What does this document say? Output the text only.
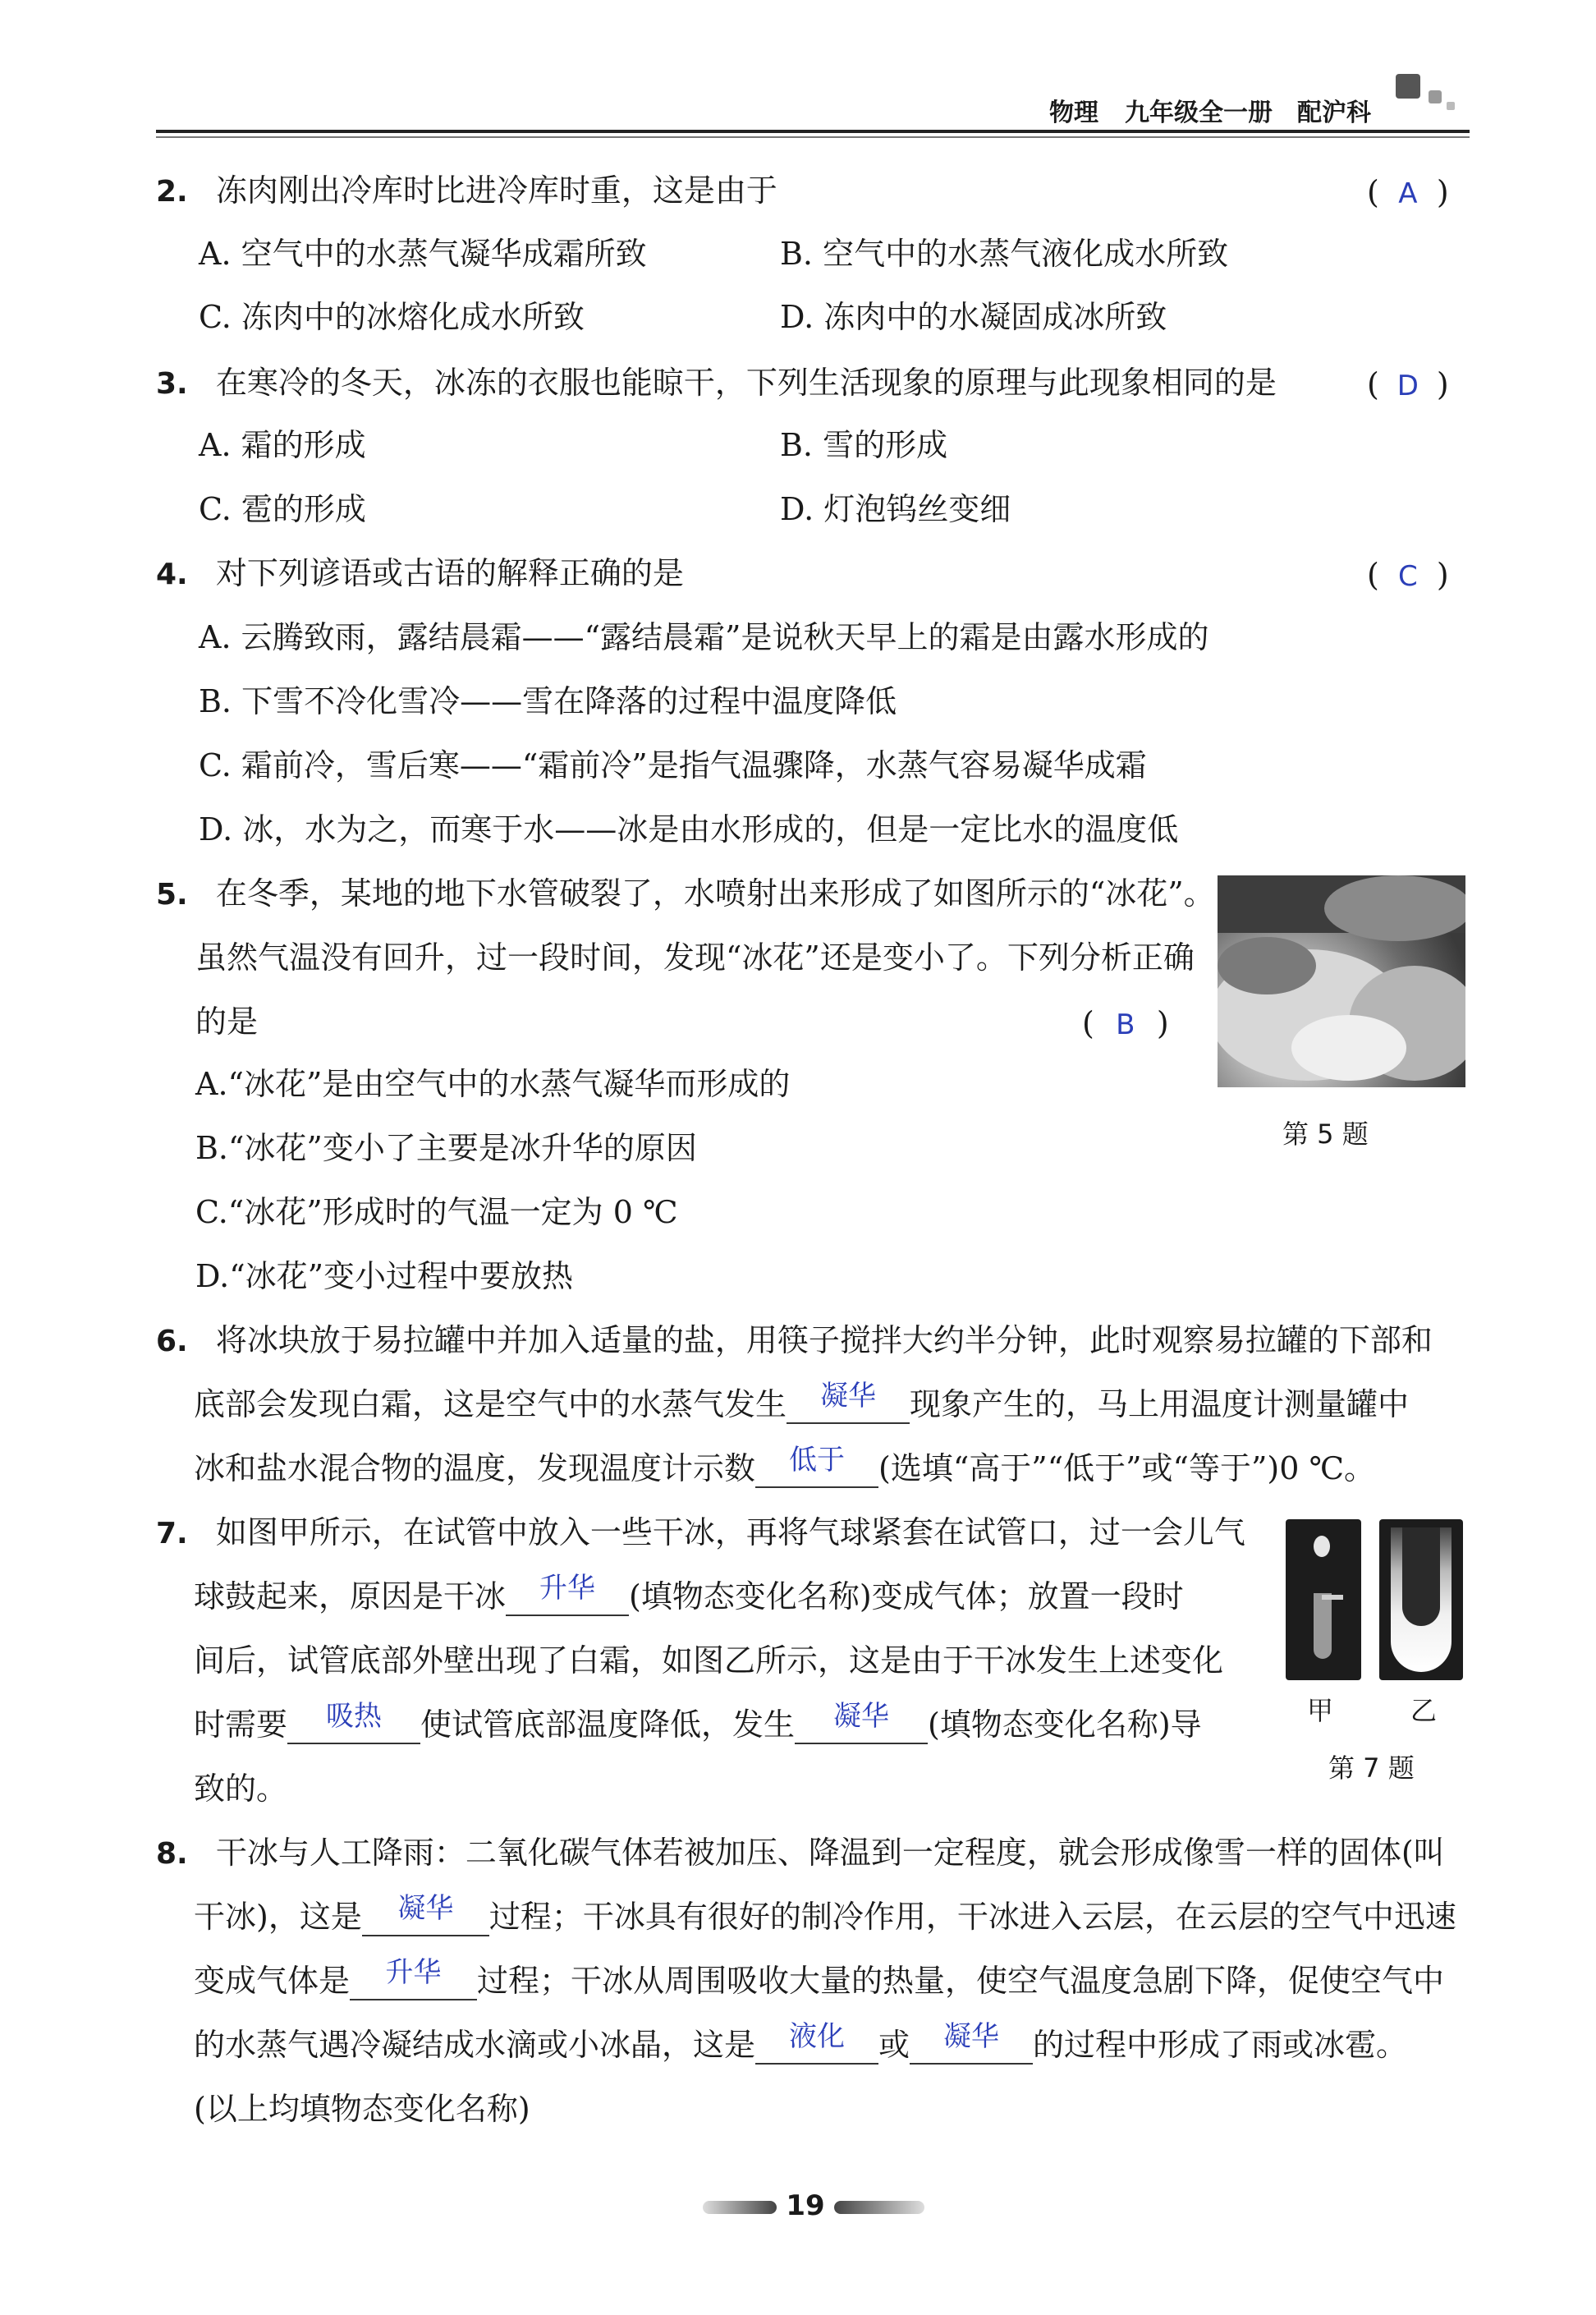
物理 九年级全一册 配沪科
2. 冻肉刚出冷库时比进冷库时重，这是由于	( A )
A. 空气中的水蒸气凝华成霜所致	B. 空气中的水蒸气液化成水所致
C. 冻肉中的冰熔化成水所致	D. 冻肉中的水凝固成冰所致
3. 在寒冷的冬天，冰冻的衣服也能晾干，下列生活现象的原理与此现象相同的是	( D )
A. 霜的形成	B. 雪的形成
C. 雹的形成	D. 灯泡钨丝变细
4. 对下列谚语或古语的解释正确的是	( C )
A. 云腾致雨，露结晨霜——“露结晨霜”是说秋天早上的霜是由露水形成的
B. 下雪不冷化雪冷——雪在降落的过程中温度降低
C. 霜前冷，雪后寒——“霜前冷”是指气温骤降，水蒸气容易凝华成霜
D. 冰，水为之，而寒于水——冰是由水形成的，但是一定比水的温度低
5. 在冬季，某地的地下水管破裂了，水喷射出来形成了如图所示的“冰花”。
虽然气温没有回升，过一段时间，发现“冰花”还是变小了。下列分析正确
的是	( B )
A.“冰花”是由空气中的水蒸气凝华而形成的
B.“冰花”变小了主要是冰升华的原因
C.“冰花”形成时的气温一定为 0 ℃
D.“冰花”变小过程中要放热
第 5 题
6. 将冰块放于易拉罐中并加入适量的盐，用筷子搅拌大约半分钟，此时观察易拉罐的下部和
底部会发现白霜，这是空气中的水蒸气发生 凝华 现象产生的，马上用温度计测量罐中
冰和盐水混合物的温度，发现温度计示数 低于 (选填“高于”“低于”或“等于”)0 ℃。
7. 如图甲所示，在试管中放入一些干冰，再将气球紧套在试管口，过一会儿气
球鼓起来，原因是干冰 升华 (填物态变化名称)变成气体；放置一段时
间后，试管底部外壁出现了白霜，如图乙所示，这是由于干冰发生上述变化
时需要 吸热 使试管底部温度降低，发生 凝华 (填物态变化名称)导
致的。
甲	乙
第 7 题
8. 干冰与人工降雨：二氧化碳气体若被加压、降温到一定程度，就会形成像雪一样的固体(叫
干冰)，这是 凝华 过程；干冰具有很好的制冷作用，干冰进入云层，在云层的空气中迅速
变成气体是 升华 过程；干冰从周围吸收大量的热量，使空气温度急剧下降，促使空气中
的水蒸气遇冷凝结成水滴或小冰晶，这是 液化 或 凝华 的过程中形成了雨或冰雹。
(以上均填物态变化名称)
19
